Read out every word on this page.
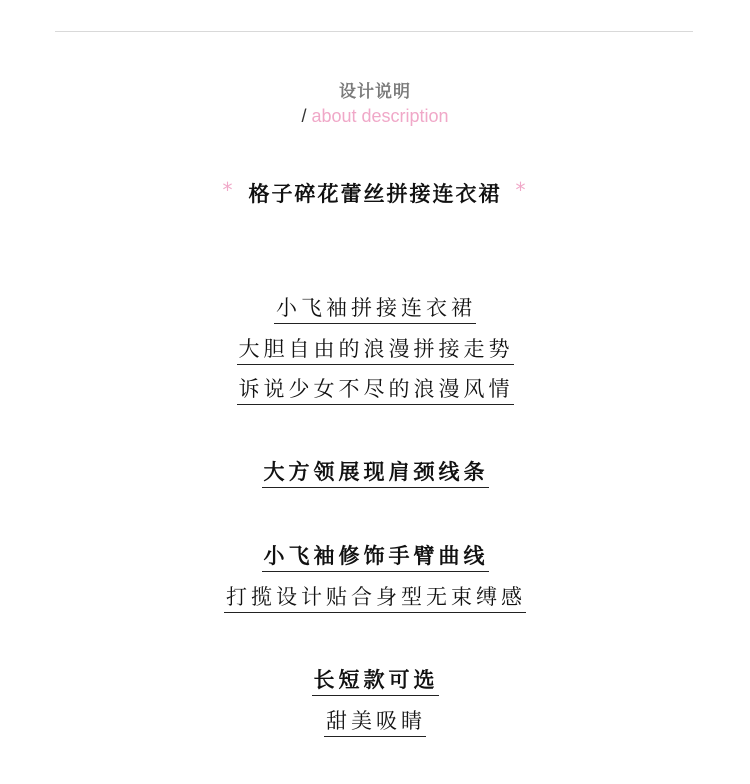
设计说明
/ about description
* 格子碎花蕾丝拼接连衣裙 *
小飞袖拼接连衣裙
大胆自由的浪漫拼接走势
诉说少女不尽的浪漫风情
大方领展现肩颈线条
小飞袖修饰手臂曲线
打揽设计贴合身型无束缚感
长短款可选
甜美吸睛
